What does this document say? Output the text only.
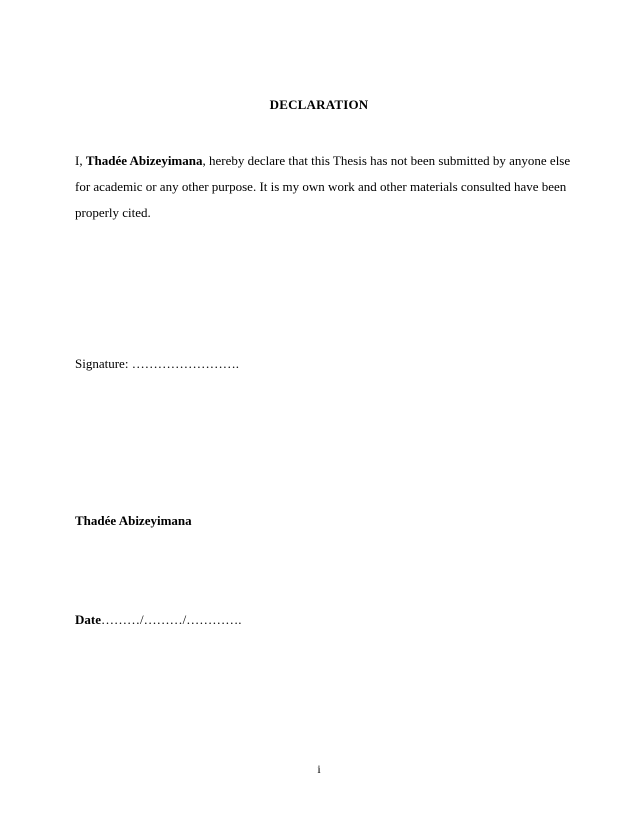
DECLARATION
I, Thadée Abizeyimana, hereby declare that this Thesis has not been submitted by anyone else
for academic or any other purpose. It is my own work and other materials consulted have been
properly cited.
Signature: …………………….
Thadée Abizeyimana
Date………/………/………….
i
